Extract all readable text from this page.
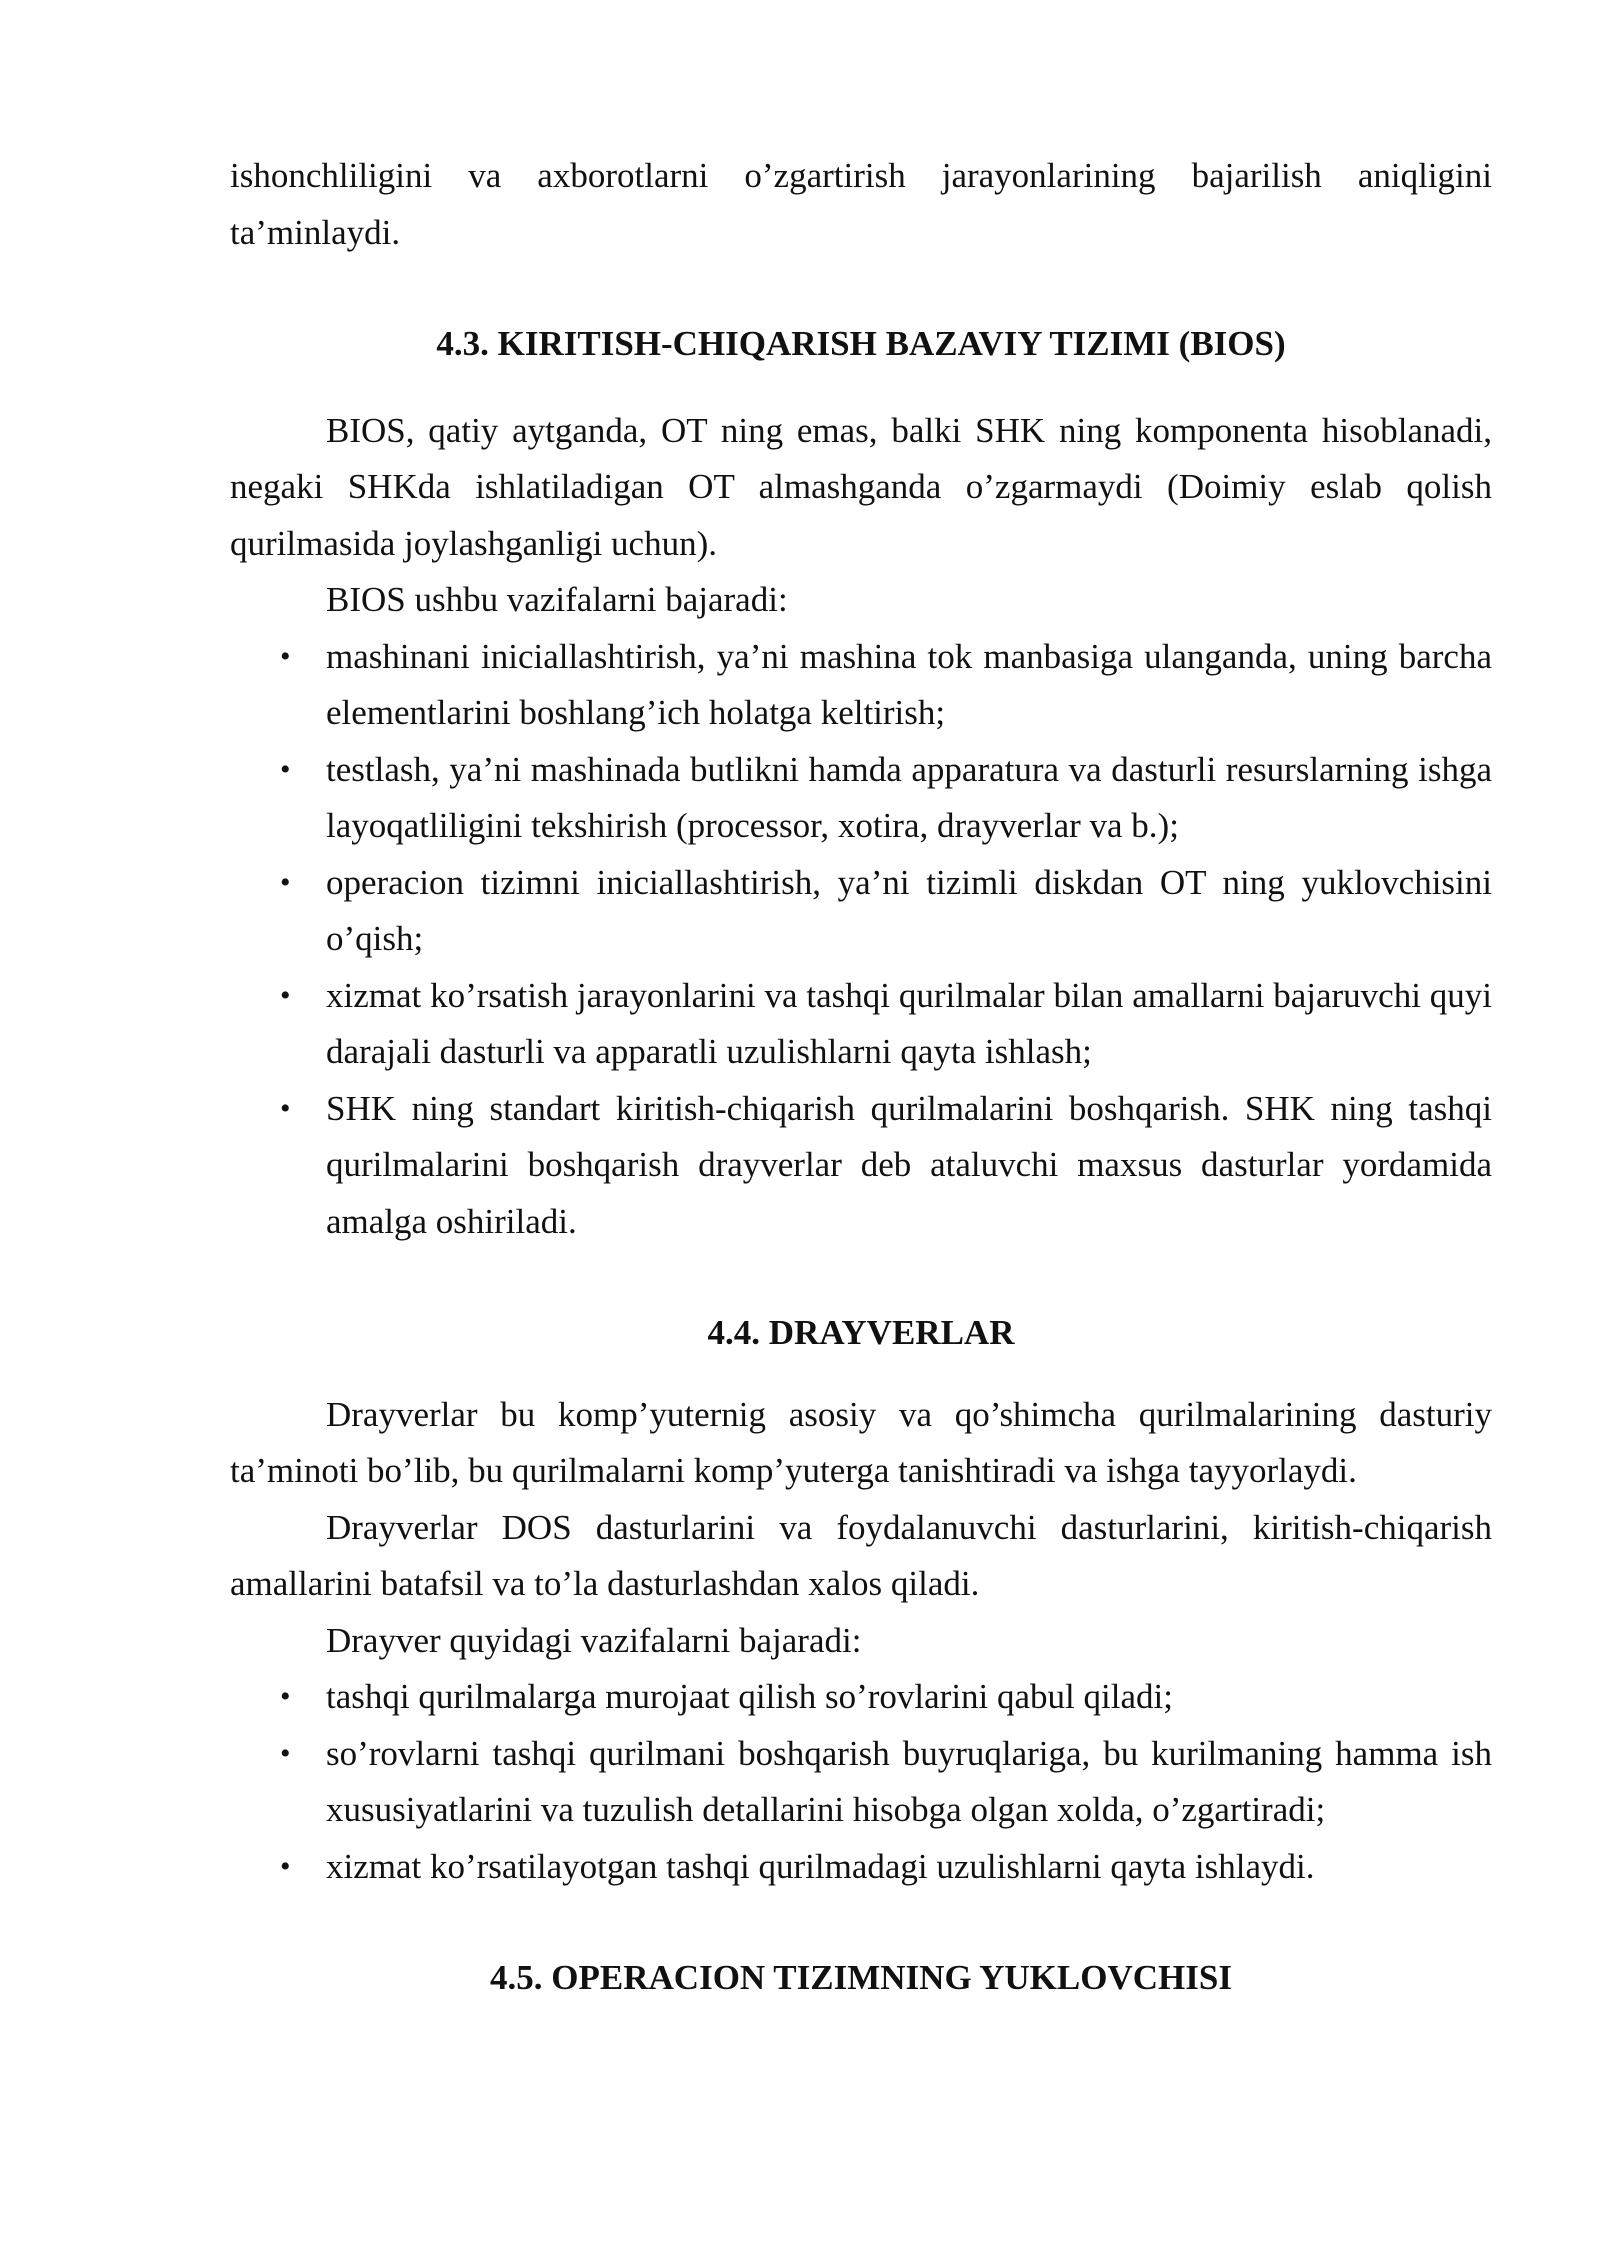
ishonchliligini va axborotlarni o’zgartirish jarayonlarining bajarilish aniqligini ta’minlaydi.

4.3. KIRITISH-CHIQARISH BAZAVIY TIZIMI (BIOS)

BIOS, qatiy aytganda, OT ning emas, balki SHK ning komponenta hisoblanadi, negaki SHKda ishlatiladigan OT almashganda o’zgarmaydi (Doimiy eslab qolish qurilmasida joylashganligi uchun).

BIOS ushbu vazifalarni bajaradi:

• mashinani iniciallashtirish, ya’ni mashina tok manbasiga ulanganda, uning barcha elementlarini boshlang’ich holatga keltirish;
• testlash, ya’ni mashinada butlikni hamda apparatura va dasturli resurslarning ishga layoqatliligini tekshirish (processor, xotira, drayverlar va b.);
• operacion tizimni iniciallashtirish, ya’ni tizimli diskdan OT ning yuklovchisini o’qish;
• xizmat ko’rsatish jarayonlarini va tashqi qurilmalar bilan amallarni bajaruvchi quyi darajali dasturli va apparatli uzulishlarni qayta ishlash;
• SHK ning standart kiritish-chiqarish qurilmalarini boshqarish. SHK ning tashqi qurilmalarini boshqarish drayverlar deb ataluvchi maxsus dasturlar yordamida amalga oshiriladi.
4.4. DRAYVERLAR

Drayverlar bu komp’yuternig asosiy va qo’shimcha qurilmalarining dasturiy ta’minoti bo’lib, bu qurilmalarni komp’yuterga tanishtiradi va ishga tayyorlaydi.

Drayverlar DOS dasturlarini va foydalanuvchi dasturlarini, kiritish-chiqarish amallarini batafsil va to’la dasturlashdan xalos qiladi.

Drayver quyidagi vazifalarni bajaradi:

• tashqi qurilmalarga murojaat qilish so’rovlarini qabul qiladi;
• so’rovlarni tashqi qurilmani boshqarish buyruqlariga, bu kurilmaning hamma ish xususiyatlarini va tuzulish detallarini hisobga olgan xolda, o’zgartiradi;
• xizmat ko’rsatilayotgan tashqi qurilmadagi uzulishlarni qayta ishlaydi.
4.5. OPERACION TIZIMNING YUKLOVCHISI
